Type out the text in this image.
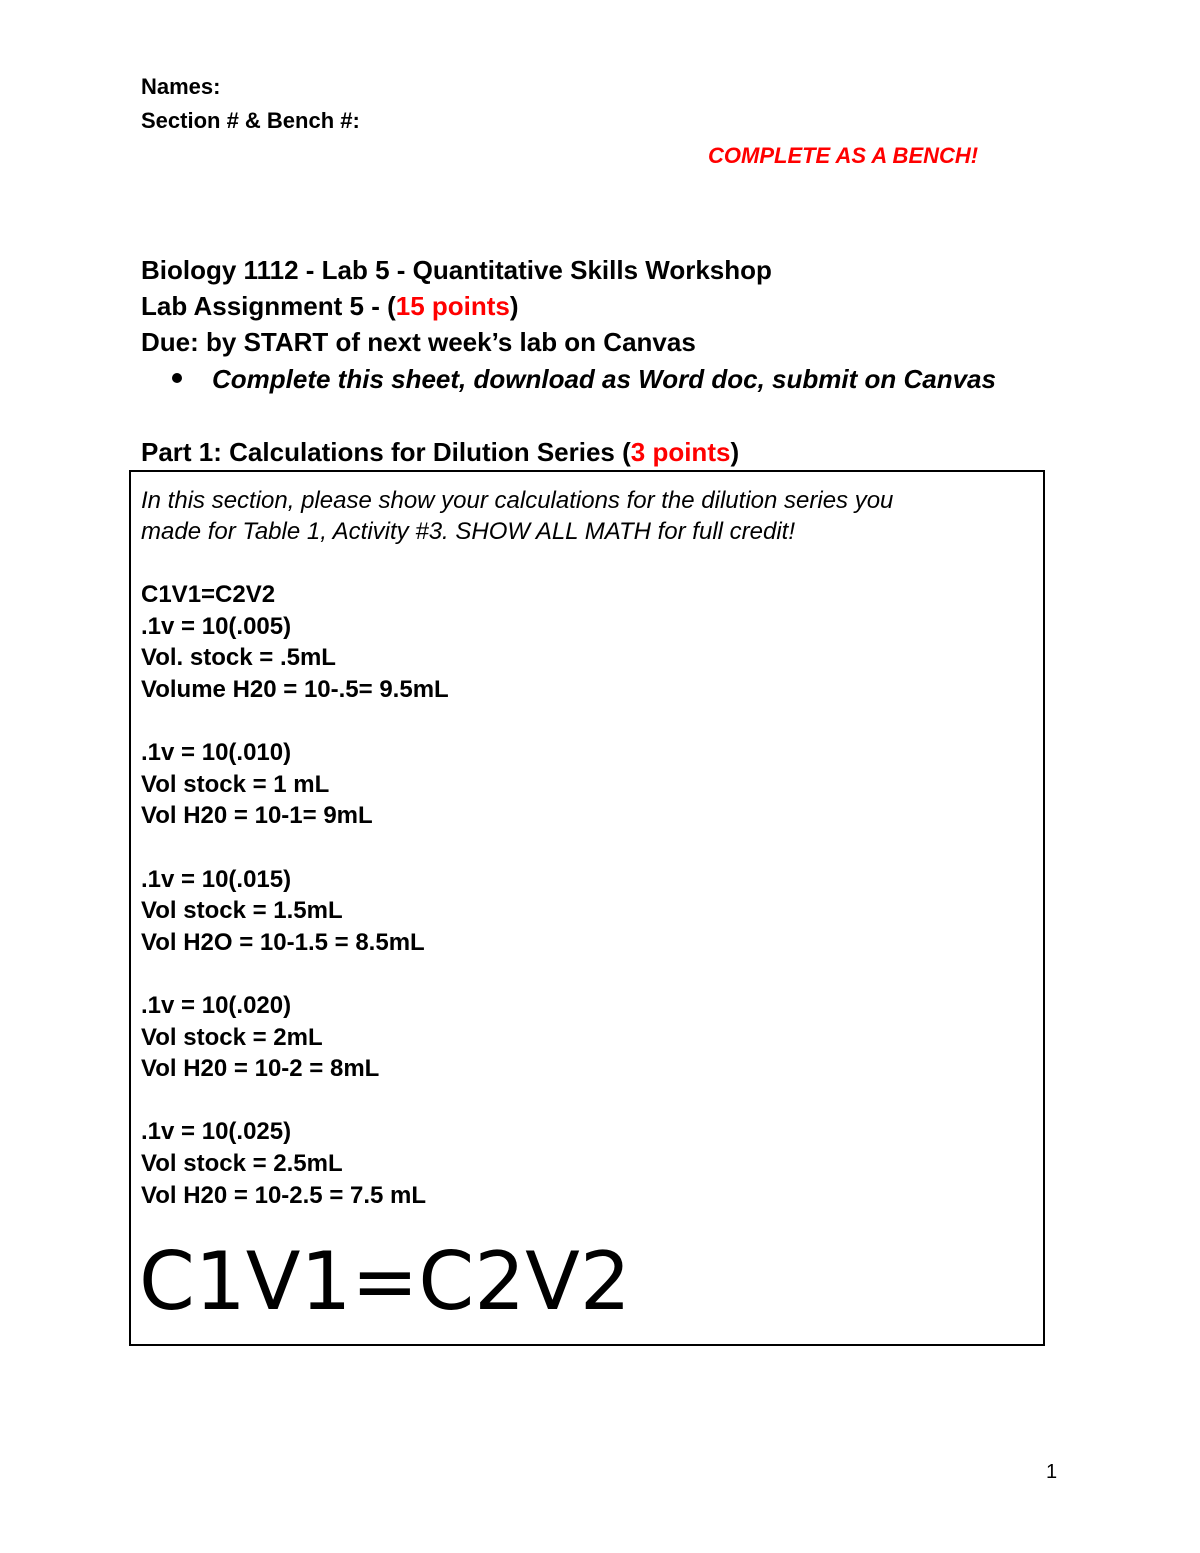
Names:
Section # & Bench #:
COMPLETE AS A BENCH!
Biology 1112 - Lab 5 - Quantitative Skills Workshop
Lab Assignment 5 - (15 points)
Due: by START of next week’s lab on Canvas
Complete this sheet, download as Word doc, submit on Canvas
Part 1: Calculations for Dilution Series (3 points)
In this section, please show your calculations for the dilution series you
made for Table 1, Activity #3. SHOW ALL MATH for full credit!
C1V1=C2V2
.1v = 10(.005)
Vol. stock = .5mL
Volume H20 = 10-.5= 9.5mL
.1v = 10(.010)
Vol stock = 1 mL
Vol H20 = 10-1= 9mL
.1v = 10(.015)
Vol stock = 1.5mL
Vol H2O = 10-1.5 = 8.5mL
.1v = 10(.020)
Vol stock = 2mL
Vol H20 = 10-2 = 8mL
.1v = 10(.025)
Vol stock = 2.5mL
Vol H20 = 10-2.5 = 7.5 mL
C1V1=C2V2
1
